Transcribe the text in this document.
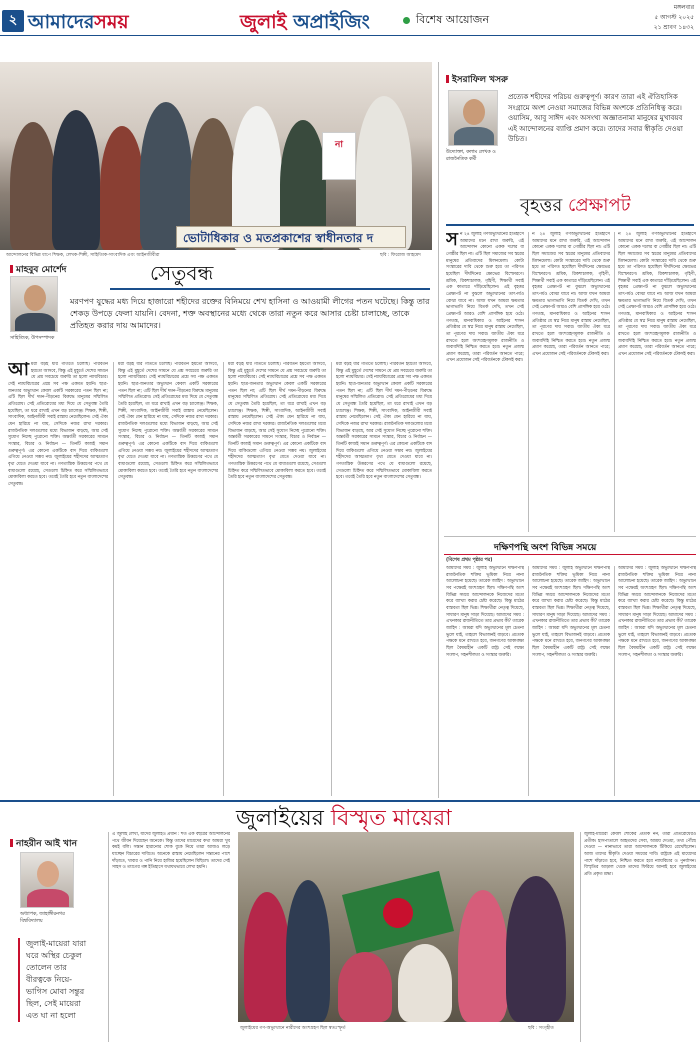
২ আমাদেরসময়	জুলাই অপ্রাইজিং	বিশেষ আয়োজন
মঙ্গলবার
৫ আগস্ট ২০২৫
২১ শ্রাবণ ১৪৩২
না
ভোটাধিকার ও মতপ্রকাশের স্বাধীনতার দ
আন্দোলনের বিভিন্ন ধাপে শিক্ষক, লেখক-শিল্পী, সাহিত্যিক-সাংবাদিক এবং আইনজীবীরা	ছবি : ফিরোজ আহমেদ
মাহবুব মোর্শেদ	সেতুবন্ধ
সাহিত্যিক, উপসম্পাদক
মরণপণ যুদ্ধের মধ্য দিয়ে হাজারো শহীদের রক্তের বিনিময়ে শেখ হাসিনা ও আওয়ামী লীগের পতন ঘটেছে। কিন্তু তার শেকড় উপড়ে ফেলা যায়নি। বেদনা, শক্ত অবস্থানের মধ্যে থেকে তারা নতুন করে আসার চেষ্টা চালাচ্ছে, তাকে প্রতিহত করার দায় আমাদের।
আমরা বড়ই ধীর গতিতে চলেছি। পরিবর্তন হয়তো আসবে, কিন্তু এই মুহূর্তে দেশের সামনে যে প্রশ্ন সবচেয়ে জরুরি তা হলো ন্যায়বিচার। সেই ন্যায়বিচারের প্রশ্নে সব পক্ষ একমত হয়নি। ছাত্র-জনতার অভ্যুত্থান কেবল একটি সরকারের পতন ছিল না; এটি ছিল দীর্ঘ দমন-পীড়নের বিরুদ্ধে মানুষের সম্মিলিত প্রতিরোধ। সেই প্রতিরোধের মধ্য দিয়ে যে সেতুবন্ধ তৈরি হয়েছিল, তা ধরে রাখাই এখন বড় চ্যালেঞ্জ। শিক্ষক, শিল্পী, সাংবাদিক, আইনজীবী সবাই রাস্তায় নেমেছিলেন। সেই ঐক্য যেন হারিয়ে না যায়, সেদিকে নজর রাখা দরকার। রাজনৈতিক দলগুলোর মধ্যে বিভাজন বাড়ছে, আর সেই সুযোগ নিচ্ছে পুরোনো শক্তি। অন্তর্বর্তী সরকারের সামনে সংস্কার, বিচার ও নির্বাচন — তিনটি কাজই সমান গুরুত্বপূর্ণ। এর কোনো একটিকে বাদ দিয়ে বাকিগুলো এগিয়ে নেওয়া সম্ভব নয়। জুলাইয়ের শহীদদের আত্মত্যাগ বৃথা যেতে দেওয়া যাবে না। গণতান্ত্রিক উত্তরণের পথে যে বাধাগুলো রয়েছে, সেগুলো চিহ্নিত করে সম্মিলিতভাবে মোকাবিলা করতে হবে। তবেই তৈরি হবে নতুন বাংলাদেশের সেতুবন্ধ।
মরা বড়ই ধীর গতিতে চলেছি। পরিবর্তন হয়তো আসবে, কিন্তু এই মুহূর্তে দেশের সামনে যে প্রশ্ন সবচেয়ে জরুরি তা হলো ন্যায়বিচার। সেই ন্যায়বিচারের প্রশ্নে সব পক্ষ একমত হয়নি। ছাত্র-জনতার অভ্যুত্থান কেবল একটি সরকারের পতন ছিল না; এটি ছিল দীর্ঘ দমন-পীড়নের বিরুদ্ধে মানুষের সম্মিলিত প্রতিরোধ। সেই প্রতিরোধের মধ্য দিয়ে যে সেতুবন্ধ তৈরি হয়েছিল, তা ধরে রাখাই এখন বড় চ্যালেঞ্জ। শিক্ষক, শিল্পী, সাংবাদিক, আইনজীবী সবাই রাস্তায় নেমেছিলেন। সেই ঐক্য যেন হারিয়ে না যায়, সেদিকে নজর রাখা দরকার। রাজনৈতিক দলগুলোর মধ্যে বিভাজন বাড়ছে, আর সেই সুযোগ নিচ্ছে পুরোনো শক্তি। অন্তর্বর্তী সরকারের সামনে সংস্কার, বিচার ও নির্বাচন — তিনটি কাজই সমান গুরুত্বপূর্ণ। এর কোনো একটিকে বাদ দিয়ে বাকিগুলো এগিয়ে নেওয়া সম্ভব নয়। জুলাইয়ের শহীদদের আত্মত্যাগ বৃথা যেতে দেওয়া যাবে না। গণতান্ত্রিক উত্তরণের পথে যে বাধাগুলো রয়েছে, সেগুলো চিহ্নিত করে সম্মিলিতভাবে মোকাবিলা করতে হবে। তবেই তৈরি হবে নতুন বাংলাদেশের সেতুবন্ধ।
মরা বড়ই ধীর গতিতে চলেছি। পরিবর্তন হয়তো আসবে, কিন্তু এই মুহূর্তে দেশের সামনে যে প্রশ্ন সবচেয়ে জরুরি তা হলো ন্যায়বিচার। সেই ন্যায়বিচারের প্রশ্নে সব পক্ষ একমত হয়নি। ছাত্র-জনতার অভ্যুত্থান কেবল একটি সরকারের পতন ছিল না; এটি ছিল দীর্ঘ দমন-পীড়নের বিরুদ্ধে মানুষের সম্মিলিত প্রতিরোধ। সেই প্রতিরোধের মধ্য দিয়ে যে সেতুবন্ধ তৈরি হয়েছিল, তা ধরে রাখাই এখন বড় চ্যালেঞ্জ। শিক্ষক, শিল্পী, সাংবাদিক, আইনজীবী সবাই রাস্তায় নেমেছিলেন। সেই ঐক্য যেন হারিয়ে না যায়, সেদিকে নজর রাখা দরকার। রাজনৈতিক দলগুলোর মধ্যে বিভাজন বাড়ছে, আর সেই সুযোগ নিচ্ছে পুরোনো শক্তি। অন্তর্বর্তী সরকারের সামনে সংস্কার, বিচার ও নির্বাচন — তিনটি কাজই সমান গুরুত্বপূর্ণ। এর কোনো একটিকে বাদ দিয়ে বাকিগুলো এগিয়ে নেওয়া সম্ভব নয়। জুলাইয়ের শহীদদের আত্মত্যাগ বৃথা যেতে দেওয়া যাবে না। গণতান্ত্রিক উত্তরণের পথে যে বাধাগুলো রয়েছে, সেগুলো চিহ্নিত করে সম্মিলিতভাবে মোকাবিলা করতে হবে। তবেই তৈরি হবে নতুন বাংলাদেশের সেতুবন্ধ।
মরা বড়ই ধীর গতিতে চলেছি। পরিবর্তন হয়তো আসবে, কিন্তু এই মুহূর্তে দেশের সামনে যে প্রশ্ন সবচেয়ে জরুরি তা হলো ন্যায়বিচার। সেই ন্যায়বিচারের প্রশ্নে সব পক্ষ একমত হয়নি। ছাত্র-জনতার অভ্যুত্থান কেবল একটি সরকারের পতন ছিল না; এটি ছিল দীর্ঘ দমন-পীড়নের বিরুদ্ধে মানুষের সম্মিলিত প্রতিরোধ। সেই প্রতিরোধের মধ্য দিয়ে যে সেতুবন্ধ তৈরি হয়েছিল, তা ধরে রাখাই এখন বড় চ্যালেঞ্জ। শিক্ষক, শিল্পী, সাংবাদিক, আইনজীবী সবাই রাস্তায় নেমেছিলেন। সেই ঐক্য যেন হারিয়ে না যায়, সেদিকে নজর রাখা দরকার। রাজনৈতিক দলগুলোর মধ্যে বিভাজন বাড়ছে, আর সেই সুযোগ নিচ্ছে পুরোনো শক্তি। অন্তর্বর্তী সরকারের সামনে সংস্কার, বিচার ও নির্বাচন — তিনটি কাজই সমান গুরুত্বপূর্ণ। এর কোনো একটিকে বাদ দিয়ে বাকিগুলো এগিয়ে নেওয়া সম্ভব নয়। জুলাইয়ের শহীদদের আত্মত্যাগ বৃথা যেতে দেওয়া যাবে না। গণতান্ত্রিক উত্তরণের পথে যে বাধাগুলো রয়েছে, সেগুলো চিহ্নিত করে সম্মিলিতভাবে মোকাবিলা করতে হবে। তবেই তৈরি হবে নতুন বাংলাদেশের সেতুবন্ধ।
ইসরাফিল খসরু
উদ্যোক্তা, কলাম লেখক ও রাজনৈতিক কর্মী
প্রত্যেক শহীদের পরিচয় গুরুত্বপূর্ণ। কারণ তারা এই ঐতিহাসিক সংগ্রামে অংশ নেওয়া সমাজের বিভিন্ন অংশকে প্রতিনিধিত্ব করে। ওয়াসিম, আবু সাঈদ এবং অসংখ্য অজ্ঞাতনামা মানুষের মুখাবয়ব এই আন্দোলনের ব্যাপ্তি প্রমাণ করে। তাদের সবার স্বীকৃতি দেওয়া উচিত।
বৃহত্তর প্রেক্ষাপট
সন ২৪ জুলাই গণঅভ্যুত্থানের ইতিহাসে আমাদের মনে রাখা জরুরি, এই আন্দোলন কোনো একক দলের বা গোষ্ঠীর ছিল না। এটি ছিল সমাজের সব স্তরের মানুষের প্রতিবাদের মিলনমেলা। কোটা সংস্কারের দাবি থেকে শুরু হয়ে তা পরিণত হয়েছিল দীর্ঘদিনের ক্ষোভের বিস্ফোরণে। শ্রমিক, রিকশাচালক, গৃহিণী, শিক্ষার্থী সবাই এক কাতারে দাঁড়িয়েছিলেন। এই বৃহত্তর প্রেক্ষাপট না বুঝলে অভ্যুত্থানের তাৎপর্যও বোঝা যাবে না। আজ যখন আমরা ক্ষমতার ভাগাভাগি নিয়ে বিতর্ক দেখি, তখন সেই প্রেক্ষাপট আরও বেশি প্রাসঙ্গিক হয়ে ওঠে। গণতন্ত্র, মানবাধিকার ও আইনের শাসন প্রতিষ্ঠার যে স্বপ্ন নিয়ে মানুষ রাস্তায় নেমেছিল, তা পূরণের দায় সবার। জাতীয় ঐক্য ধরে রাখতে হলে অংশগ্রহণমূলক রাজনীতি ও জবাবদিহি নিশ্চিত করতে হবে। নতুন প্রজন্ম প্রমাণ করেছে, তারা পরিবর্তন আনতে পারে; এখন প্রয়োজন সেই পরিবর্তনকে টেকসই করা।
ন ২৪ জুলাই গণঅভ্যুত্থানের ইতিহাসে আমাদের মনে রাখা জরুরি, এই আন্দোলন কোনো একক দলের বা গোষ্ঠীর ছিল না। এটি ছিল সমাজের সব স্তরের মানুষের প্রতিবাদের মিলনমেলা। কোটা সংস্কারের দাবি থেকে শুরু হয়ে তা পরিণত হয়েছিল দীর্ঘদিনের ক্ষোভের বিস্ফোরণে। শ্রমিক, রিকশাচালক, গৃহিণী, শিক্ষার্থী সবাই এক কাতারে দাঁড়িয়েছিলেন। এই বৃহত্তর প্রেক্ষাপট না বুঝলে অভ্যুত্থানের তাৎপর্যও বোঝা যাবে না। আজ যখন আমরা ক্ষমতার ভাগাভাগি নিয়ে বিতর্ক দেখি, তখন সেই প্রেক্ষাপট আরও বেশি প্রাসঙ্গিক হয়ে ওঠে। গণতন্ত্র, মানবাধিকার ও আইনের শাসন প্রতিষ্ঠার যে স্বপ্ন নিয়ে মানুষ রাস্তায় নেমেছিল, তা পূরণের দায় সবার। জাতীয় ঐক্য ধরে রাখতে হলে অংশগ্রহণমূলক রাজনীতি ও জবাবদিহি নিশ্চিত করতে হবে। নতুন প্রজন্ম প্রমাণ করেছে, তারা পরিবর্তন আনতে পারে; এখন প্রয়োজন সেই পরিবর্তনকে টেকসই করা।
ন ২৪ জুলাই গণঅভ্যুত্থানের ইতিহাসে আমাদের মনে রাখা জরুরি, এই আন্দোলন কোনো একক দলের বা গোষ্ঠীর ছিল না। এটি ছিল সমাজের সব স্তরের মানুষের প্রতিবাদের মিলনমেলা। কোটা সংস্কারের দাবি থেকে শুরু হয়ে তা পরিণত হয়েছিল দীর্ঘদিনের ক্ষোভের বিস্ফোরণে। শ্রমিক, রিকশাচালক, গৃহিণী, শিক্ষার্থী সবাই এক কাতারে দাঁড়িয়েছিলেন। এই বৃহত্তর প্রেক্ষাপট না বুঝলে অভ্যুত্থানের তাৎপর্যও বোঝা যাবে না। আজ যখন আমরা ক্ষমতার ভাগাভাগি নিয়ে বিতর্ক দেখি, তখন সেই প্রেক্ষাপট আরও বেশি প্রাসঙ্গিক হয়ে ওঠে। গণতন্ত্র, মানবাধিকার ও আইনের শাসন প্রতিষ্ঠার যে স্বপ্ন নিয়ে মানুষ রাস্তায় নেমেছিল, তা পূরণের দায় সবার। জাতীয় ঐক্য ধরে রাখতে হলে অংশগ্রহণমূলক রাজনীতি ও জবাবদিহি নিশ্চিত করতে হবে। নতুন প্রজন্ম প্রমাণ করেছে, তারা পরিবর্তন আনতে পারে; এখন প্রয়োজন সেই পরিবর্তনকে টেকসই করা।
দক্ষিণপন্থি অংশ বিভিন্ন সময়ে
(বিশেষ প্রথম পৃষ্ঠার পর)
আমাদের সময় : জুলাই অভ্যুত্থানে দক্ষিণপন্থি রাজনৈতিক শক্তির ভূমিকা নিয়ে নানা আলোচনা হয়েছে। তারেক জাহিদ : অভ্যুত্থানে সব পক্ষেরই অংশগ্রহণ ছিল। দক্ষিণপন্থি অংশ বিভিন্ন সময়ে আন্দোলনকে নিজেদের মতো করে ব্যাখ্যা করার চেষ্টা করেছে। কিন্তু মাঠের বাস্তবতা ছিল ভিন্ন। শিক্ষার্থীরা নেতৃত্ব দিয়েছে, সাধারণ মানুষ সাড়া দিয়েছে। আমাদের সময় : এখনকার রাজনীতিতে তার প্রভাব কী? তারেক জাহিদ : আমরা যদি অভ্যুত্থানের মূল চেতনা ভুলে যাই, তাহলে বিভাজনই বাড়বে। প্রত্যেক পক্ষকে মনে রাখতে হবে, জনগণের আকাঙ্ক্ষা ছিল বৈষম্যহীন একটি রাষ্ট্র। সেই লক্ষ্যে সংলাপ, সহনশীলতা ও সংস্কার জরুরি।
আমাদের সময় : জুলাই অভ্যুত্থানে দক্ষিণপন্থি রাজনৈতিক শক্তির ভূমিকা নিয়ে নানা আলোচনা হয়েছে। তারেক জাহিদ : অভ্যুত্থানে সব পক্ষেরই অংশগ্রহণ ছিল। দক্ষিণপন্থি অংশ বিভিন্ন সময়ে আন্দোলনকে নিজেদের মতো করে ব্যাখ্যা করার চেষ্টা করেছে। কিন্তু মাঠের বাস্তবতা ছিল ভিন্ন। শিক্ষার্থীরা নেতৃত্ব দিয়েছে, সাধারণ মানুষ সাড়া দিয়েছে। আমাদের সময় : এখনকার রাজনীতিতে তার প্রভাব কী? তারেক জাহিদ : আমরা যদি অভ্যুত্থানের মূল চেতনা ভুলে যাই, তাহলে বিভাজনই বাড়বে। প্রত্যেক পক্ষকে মনে রাখতে হবে, জনগণের আকাঙ্ক্ষা ছিল বৈষম্যহীন একটি রাষ্ট্র। সেই লক্ষ্যে সংলাপ, সহনশীলতা ও সংস্কার জরুরি।
আমাদের সময় : জুলাই অভ্যুত্থানে দক্ষিণপন্থি রাজনৈতিক শক্তির ভূমিকা নিয়ে নানা আলোচনা হয়েছে। তারেক জাহিদ : অভ্যুত্থানে সব পক্ষেরই অংশগ্রহণ ছিল। দক্ষিণপন্থি অংশ বিভিন্ন সময়ে আন্দোলনকে নিজেদের মতো করে ব্যাখ্যা করার চেষ্টা করেছে। কিন্তু মাঠের বাস্তবতা ছিল ভিন্ন। শিক্ষার্থীরা নেতৃত্ব দিয়েছে, সাধারণ মানুষ সাড়া দিয়েছে। আমাদের সময় : এখনকার রাজনীতিতে তার প্রভাব কী? তারেক জাহিদ : আমরা যদি অভ্যুত্থানের মূল চেতনা ভুলে যাই, তাহলে বিভাজনই বাড়বে। প্রত্যেক পক্ষকে মনে রাখতে হবে, জনগণের আকাঙ্ক্ষা ছিল বৈষম্যহীন একটি রাষ্ট্র। সেই লক্ষ্যে সংলাপ, সহনশীলতা ও সংস্কার জরুরি।
জুলাইয়ের বিস্মৃত মায়েরা
নাহরীন আই খান
অধ্যাপক, জাহাঙ্গীরনগর বিশ্ববিদ্যালয়
জুলাই-মায়েরা যারা ঘরে অস্থির চেকুল তোলেন তার বীরত্বকে নিয়ে- ভাগিস মোবা সন্তুর ছিল, সেই মায়েরা এত ঘা না হলো
এ জুলাই লেখা, যাদের জুলাইও প্রধান : শত এক বছরের আন্দোলনের পথে জীবন দিয়েছেন অনেকে। কিন্তু তাদের মায়েদের কথা আমরা খুব কমই বলি। সন্তান হারানোর শোক বুকে নিয়ে তারা আজও লড়ে যাচ্ছেন বিচারের দাবিতে। অনেকে রাস্তায় নেমেছিলেন সন্তানের পাশে দাঁড়াতে, খাবার ও পানি নিয়ে হাজির হয়েছিলেন মিছিলে। তাদের সেই সাহস ও ত্যাগের গল্প ইতিহাসে যথাযথভাবে লেখা হয়নি।
জুলাইয়ের গণ-অভ্যুত্থানে নারীদের অংশগ্রহণ ছিল স্বতঃস্ফূর্ত	ছবি : সংগৃহীত
জুলাই-মায়েরা কেবল শোকের প্রতীক নন, তারা প্রতিরোধেরও প্রতীক। হাসপাতালে আহতদের সেবা, আশ্রয় দেওয়া, তথ্য পৌঁছে দেওয়া — নানাভাবে তারা আন্দোলনকে টিকিয়ে রেখেছিলেন। আজ তাদের স্বীকৃতি দেওয়া সময়ের দাবি। রাষ্ট্রকে এই মায়েদের পাশে দাঁড়াতে হবে, নিশ্চিত করতে হবে ন্যায়বিচার ও পুনর্বাসন। বিস্মৃতির আড়াল থেকে তাদের ফিরিয়ে আনাই হবে জুলাইয়ের প্রতি প্রকৃত শ্রদ্ধা।
